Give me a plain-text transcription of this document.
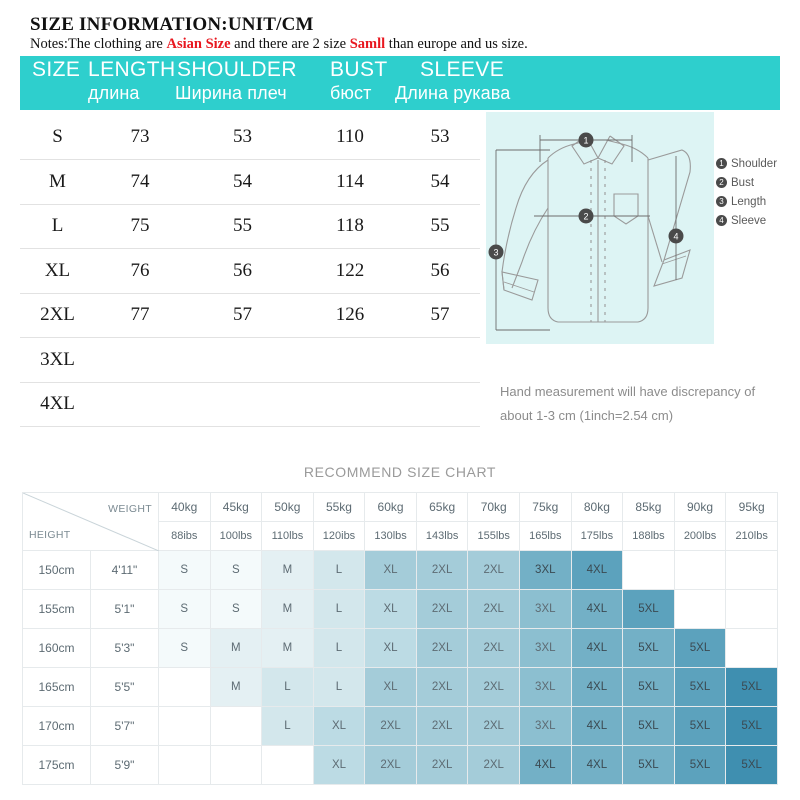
SIZE INFORMATION:UNIT/CM
Notes:The clothing are Asian Size and there are 2 size Samll than europe and us size.
SIZE LENGTH SHOULDER BUST SLEEVE
длина Ширина плеч бюст Длина рукава
S	73	53	110	53
M	74	54	114	54
L	75	55	118	55
XL	76	56	122	56
2XL	77	57	126	57
3XL				
4XL				
1
2
3
4
1 Shoulder
2 Bust
3 Length
4 Sleeve
Hand measurement will have discrepancy of
about 1-3 cm (1inch=2.54 cm)
RECOMMEND SIZE CHART
WEIGHT
HEIGHT		40kg	45kg	50kg	55kg	60kg	65kg	70kg	75kg	80kg	85kg	90kg	95kg
		88ibs	100lbs	110lbs	120ibs	130lbs	143lbs	155lbs	165lbs	175lbs	188lbs	200lbs	210lbs
150cm	4'11"	S	S	M	L	XL	2XL	2XL	3XL	4XL			
155cm	5'1"	S	S	M	L	XL	2XL	2XL	3XL	4XL	5XL		
160cm	5'3"	S	M	M	L	XL	2XL	2XL	3XL	4XL	5XL	5XL	
165cm	5'5"		M	L	L	XL	2XL	2XL	3XL	4XL	5XL	5XL	5XL
170cm	5'7"			L	XL	2XL	2XL	2XL	3XL	4XL	5XL	5XL	5XL
175cm	5'9"				XL	2XL	2XL	2XL	4XL	4XL	5XL	5XL	5XL
